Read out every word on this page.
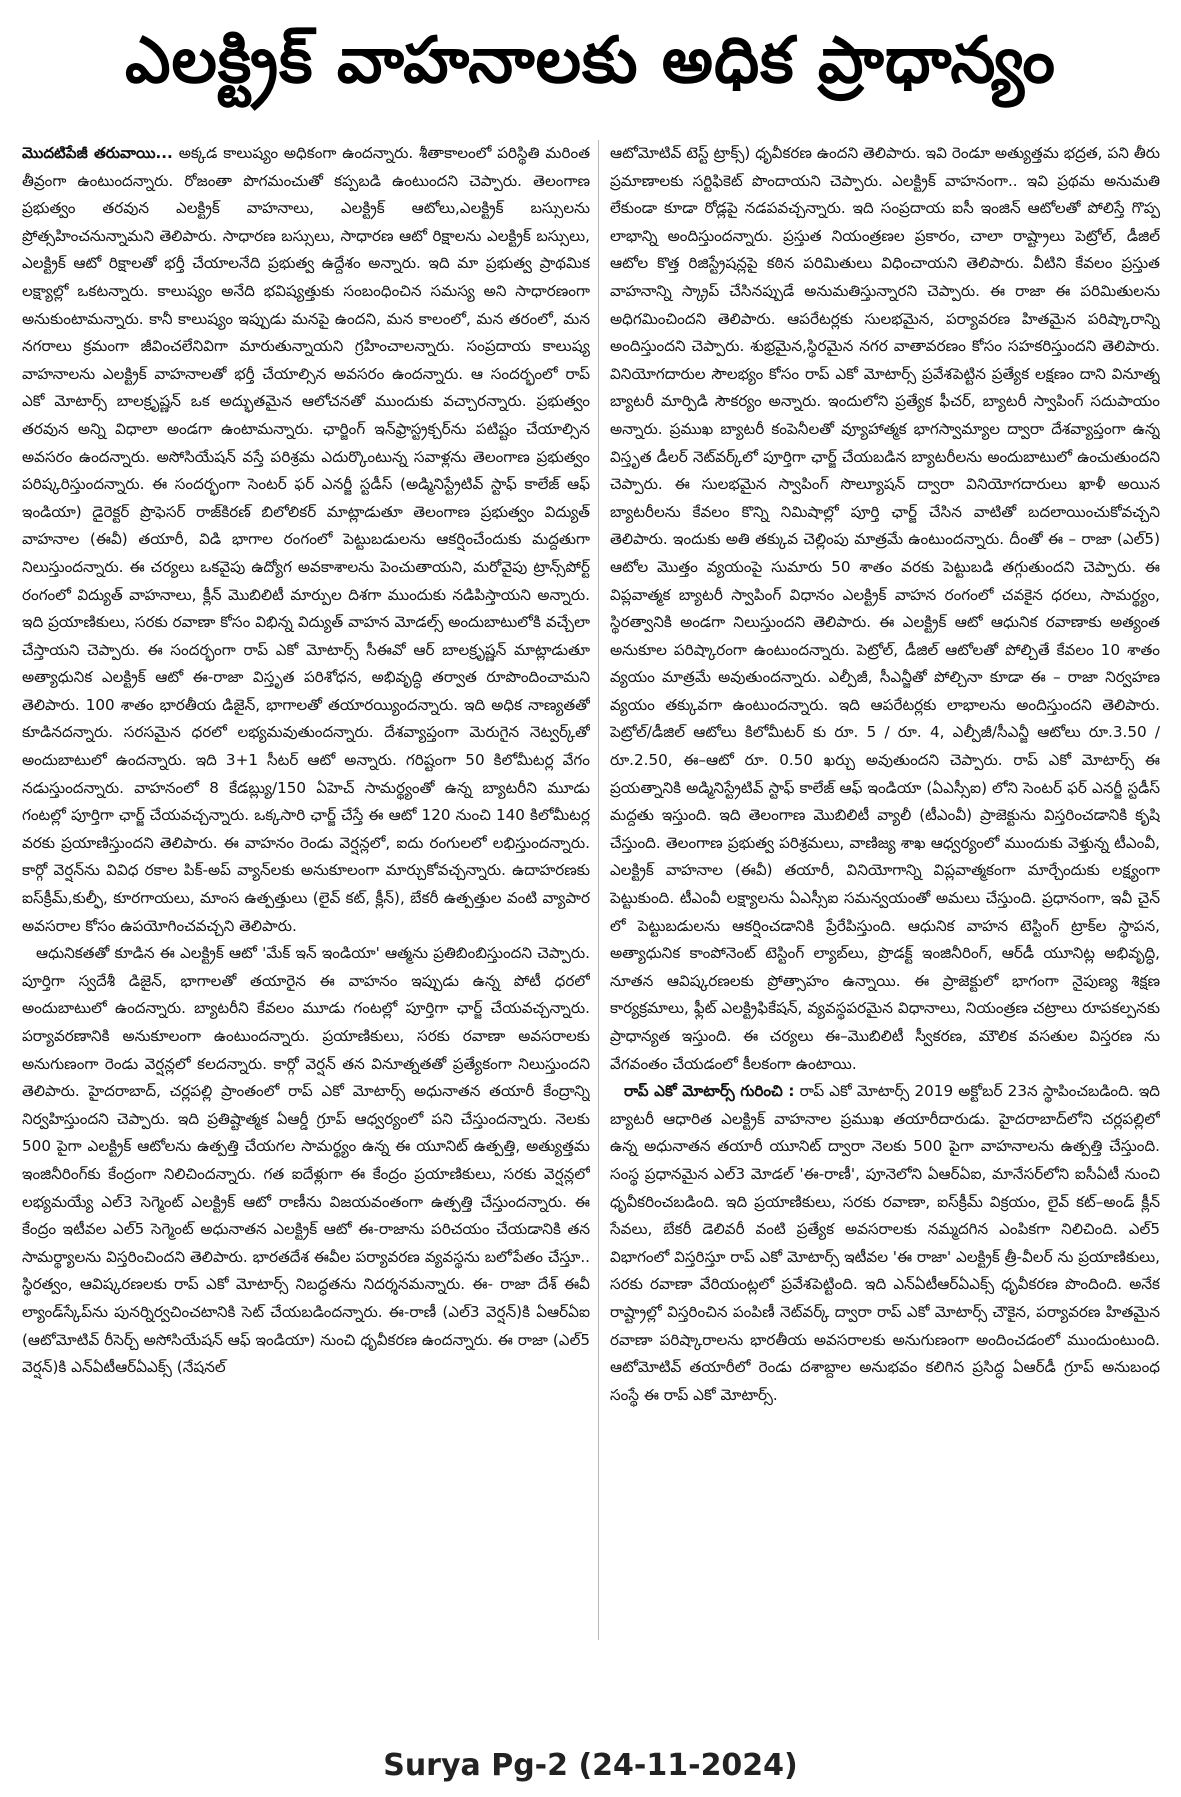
ఎలక్ట్రిక్ వాహనాలకు అధిక ప్రాధాన్యం

మొదటిపేజీ తరువాయి... అక్కడ కాలుష్యం అధికంగా ఉందన్నారు. శీతాకాలంలో పరిస్థితి మరింత తీవ్రంగా ఉంటుందన్నారు. రోజంతా పొగమంచుతో కప్పబడి ఉంటుందని చెప్పారు. తెలంగాణ ప్రభుత్వం తరవున ఎలక్ట్రిక్ వాహనాలు, ఎలక్ట్రిక్ ఆటోలు,ఎలక్ట్రిక్ బస్సులను ప్రోత్సహించనున్నామని తెలిపారు. సాధారణ బస్సులు, సాధారణ ఆటో రిక్షాలను ఎలక్ట్రిక్ బస్సులు, ఎలక్ట్రిక్ ఆటో రిక్షాలతో భర్తీ చేయాలనేది ప్రభుత్వ ఉద్దేశం అన్నారు. ఇది మా ప్రభుత్వ ప్రాథమిక లక్ష్యాల్లో ఒకటన్నారు. కాలుష్యం అనేది భవిష్యత్తుకు సంబంధించిన సమస్య అని సాధారణంగా అనుకుంటామన్నారు. కానీ కాలుష్యం ఇప్పుడు మనపై ఉందని, మన కాలంలో, మన తరంలో, మన నగరాలు క్రమంగా జీవించలేనివిగా మారుతున్నాయని గ్రహించాలన్నారు. సంప్రదాయ కాలుష్య వాహనాలను ఎలక్ట్రిక్ వాహనాలతో భర్తీ చేయాల్సిన అవసరం ఉందన్నారు. ఆ సందర్భంలో రాప్ ఎకో మోటార్స్ బాలక్రృష్ణన్ ఒక అద్భుతమైన ఆలోచనతో ముందుకు వచ్చారన్నారు. ప్రభుత్వం తరవున అన్ని విధాలా అండగా ఉంటామన్నారు. ఛార్జింగ్ ఇన్‌ఫ్రాస్ట్రక్చర్‌ను పటిష్టం చేయాల్సిన అవసరం ఉందన్నారు. అసోసియేషన్ వస్తే పరిశ్రమ ఎదుర్కొంటున్న సవాళ్లను తెలంగాణ ప్రభుత్వం పరిష్కరిస్తుందన్నారు. ఈ సందర్భంగా సెంటర్ ఫర్ ఎనర్జీ స్టడీస్ (అడ్మినిస్ట్రేటివ్ స్టాఫ్ కాలేజ్ ఆఫ్ ఇండియా) డైరెక్టర్ ప్రొఫెసర్ రాజ్‌కిరణ్ బిలోలికర్ మాట్లాడుతూ తెలంగాణ ప్రభుత్వం విద్యుత్ వాహనాల (ఈవీ) తయారీ, విడి భాగాల రంగంలో పెట్టుబడులను ఆకర్షించేందుకు మద్దతుగా నిలుస్తుందన్నారు. ఈ చర్యలు ఒకవైపు ఉద్యోగ అవకాశాలను పెంచుతాయని, మరోవైపు ట్రాన్స్‌పోర్ట్ రంగంలో విద్యుత్ వాహనాలు, క్లీన్ మొబిలిటీ మార్పుల దిశగా ముందుకు నడిపిస్తాయని అన్నారు. ఇది ప్రయాణికులు, సరకు రవాణా కోసం విభిన్న విద్యుత్ వాహన మోడల్స్ అందుబాటులోకి వచ్చేలా చేస్తాయని చెప్పారు. ఈ సందర్భంగా రాప్ ఎకో మోటార్స్ సీఈవో ఆర్ బాలక్రృష్ణన్ మాట్లాడుతూ అత్యాధునిక ఎలక్ట్రిక్ ఆటో ఈ-రాజా విస్తృత పరిశోధన, అభివృద్ధి తర్వాత రూపొందించామని తెలిపారు. 100 శాతం భారతీయ డిజైన్, భాగాలతో తయారయ్యిందన్నారు. ఇది అధిక నాణ్యతతో కూడినదన్నారు. సరసమైన ధరలో లభ్యమవుతుందన్నారు. దేశవ్యాప్తంగా మెరుగైన నెట్వర్క్‌తో అందుబాటులో ఉందన్నారు. ఇది 3+1 సీటర్ ఆటో అన్నారు. గరిష్టంగా 50 కిలోమీటర్ల వేగం నడుస్తుందన్నారు. వాహనంలో 8 కేడబ్ల్యు/150 ఏహెచ్ సామర్థ్యంతో ఉన్న బ్యాటరీని మూడు గంటల్లో పూర్తిగా ఛార్జ్ చేయవచ్చన్నారు. ఒక్కసారి ఛార్జ్ చేస్తే ఈ ఆటో 120 నుంచి 140 కిలోమీటర్ల వరకు ప్రయాణిస్తుందని తెలిపారు. ఈ వాహనం రెండు వెర్షన్లలో, ఐదు రంగులలో లభిస్తుందన్నారు. కార్గో వెర్షన్‌ను వివిధ రకాల పిక్-అప్ వ్యాన్‌లకు అనుకూలంగా మార్చుకోవచ్చన్నారు. ఉదాహరణకు ఐస్‌క్రీమ్,కుల్ఫీ, కూరగాయలు, మాంస ఉత్పత్తులు (లైవ్ కట్, క్లీన్), బేకరీ ఉత్పత్తుల వంటి వ్యాపార అవసరాల కోసం ఉపయోగించవచ్చని తెలిపారు.

ఆధునికతతో కూడిన ఈ ఎలక్ట్రిక్ ఆటో 'మేక్ ఇన్ ఇండియా' ఆత్మను ప్రతిబింబిస్తుందని చెప్పారు. పూర్తిగా స్వదేశీ డిజైన్, భాగాలతో తయారైన ఈ వాహనం ఇప్పుడు ఉన్న పోటీ ధరలో అందుబాటులో ఉందన్నారు. బ్యాటరీని కేవలం మూడు గంటల్లో పూర్తిగా ఛార్జ్ చేయవచ్చన్నారు. పర్యావరణానికి అనుకూలంగా ఉంటుందన్నారు. ప్రయాణికులు, సరకు రవాణా అవసరాలకు అనుగుణంగా రెండు వెర్షన్లలో కలదన్నారు. కార్గో వెర్షన్ తన వినూత్నతతో ప్రత్యేకంగా నిలుస్తుందని తెలిపారు. హైదరాబాద్, చర్లపల్లి ప్రాంతంలో రాప్ ఎకో మోటార్స్ అధునాతన తయారీ కేంద్రాన్ని నిర్వహిస్తుందని చెప్పారు. ఇది ప్రతిష్టాత్మక ఏఆర్డీ గ్రూప్ ఆధ్వర్యంలో పని చేస్తుందన్నారు. నెలకు 500 పైగా ఎలక్ట్రిక్ ఆటోలను ఉత్పత్తి చేయగల సామర్థ్యం ఉన్న ఈ యూనిట్ ఉత్పత్తి, అత్యుత్తమ ఇంజినీరింగ్‌కు కేంద్రంగా నిలిచిందన్నారు. గత ఐదేళ్లుగా ఈ కేంద్రం ప్రయాణికులు, సరకు వెర్షన్లలో లభ్యమయ్యే ఎల్3 సెగ్మెంట్ ఎలక్ట్రిక్ ఆటో రాణీను విజయవంతంగా ఉత్పత్తి చేస్తుందన్నారు. ఈ కేంద్రం ఇటీవల ఎల్5 సెగ్మెంట్ అధునాతన ఎలక్ట్రిక్ ఆటో ఈ-రాజాను పరిచయం చేయడానికి తన సామర్థ్యాలను విస్తరించిందని తెలిపారు. భారతదేశ ఈవీల పర్యావరణ వ్యవస్థను బలోపేతం చేస్తూ.. స్థిరత్వం, ఆవిష్కరణలకు రాప్ ఎకో మోటార్స్ నిబద్ధతను నిదర్శనమన్నారు. ఈ- రాజా దేశ్ ఈవీ ల్యాండ్‌స్కేప్‌ను పునర్నిర్వచించటానికి సెట్ చేయబడిందన్నారు. ఈ-రాణీ (ఎల్3 వెర్షన్)కి ఏఆర్ఏఐ (ఆటోమోటివ్ రీసెర్చ్ అసోసియేషన్ ఆఫ్ ఇండియా) నుంచి ధృవీకరణ ఉందన్నారు. ఈ రాజా (ఎల్5 వెర్షన్)కి ఎన్ఏటీఆర్ఏఎక్స్ (నేషనల్

ఆటోమోటివ్ టెస్ట్ ట్రాక్స్) ధృవీకరణ ఉందని తెలిపారు. ఇవి రెండూ అత్యుత్తమ భద్రత, పని తీరు ప్రమాణాలకు సర్టిఫికెట్ పొందాయని చెప్పారు. ఎలక్ట్రిక్ వాహనంగా.. ఇవి ప్రథమ అనుమతి లేకుండా కూడా రోడ్లపై నడపవచ్చన్నారు. ఇది సంప్రదాయ ఐసీ ఇంజిన్ ఆటోలతో పోలిస్తే గొప్ప లాభాన్ని అందిస్తుందన్నారు. ప్రస్తుత నియంత్రణల ప్రకారం, చాలా రాష్ట్రాలు పెట్రోల్, డీజిల్ ఆటోల కొత్త రిజిస్ట్రేషన్లపై కఠిన పరిమితులు విధించాయని తెలిపారు. వీటిని కేవలం ప్రస్తుత వాహనాన్ని స్క్రాప్ చేసినప్పుడే అనుమతిస్తున్నారని చెప్పారు. ఈ రాజా ఈ పరిమితులను అధిగమించిందని తెలిపారు. ఆపరేటర్లకు సులభమైన, పర్యావరణ హితమైన పరిష్కారాన్ని అందిస్తుందని చెప్పారు. శుభ్రమైన,స్థిరమైన నగర వాతావరణం కోసం సహకరిస్తుందని తెలిపారు. వినియోగదారుల సౌలభ్యం కోసం రాప్ ఎకో మోటార్స్ ప్రవేశపెట్టిన ప్రత్యేక లక్షణం దాని వినూత్న బ్యాటరీ మార్పిడి సౌకర్యం అన్నారు. ఇందులోని ప్రత్యేక ఫీచర్, బ్యాటరీ స్వాపింగ్ సదుపాయం అన్నారు. ప్రముఖ బ్యాటరీ కంపెనీలతో వ్యూహాత్మక భాగస్వామ్యాల ద్వారా దేశవ్యాప్తంగా ఉన్న విస్తృత డీలర్ నెట్‌వర్క్‌లో పూర్తిగా ఛార్జ్ చేయబడిన బ్యాటరీలను అందుబాటులో ఉంచుతుందని చెప్పారు. ఈ సులభమైన స్వాపింగ్ సొల్యూషన్ ద్వారా వినియోగదారులు ఖాళీ అయిన బ్యాటరీలను కేవలం కొన్ని నిమిషాల్లో పూర్తి ఛార్జ్ చేసిన వాటితో బదలాయించుకోవచ్చని తెలిపారు. ఇందుకు అతి తక్కువ చెల్లింపు మాత్రమే ఉంటుందన్నారు. దీంతో ఈ – రాజా (ఎల్5) ఆటోల మొత్తం వ్యయంపై సుమారు 50 శాతం వరకు పెట్టుబడి తగ్గుతుందని చెప్పారు. ఈ విప్లవాత్మక బ్యాటరీ స్వాపింగ్ విధానం ఎలక్ట్రిక్ వాహన రంగంలో చవకైన ధరలు, సామర్థ్యం, స్థిరత్వానికి అండగా నిలుస్తుందని తెలిపారు. ఈ ఎలక్ట్రిక్ ఆటో ఆధునిక రవాణాకు అత్యంత అనుకూల పరిష్కారంగా ఉంటుందన్నారు. పెట్రోల్, డీజిల్ ఆటోలతో పోల్చితే కేవలం 10 శాతం వ్యయం మాత్రమే అవుతుందన్నారు. ఎల్పీజీ, సీఎన్జీతో పోల్చినా కూడా ఈ – రాజా నిర్వహణ వ్యయం తక్కువగా ఉంటుందన్నారు. ఇది ఆపరేటర్లకు లాభాలను అందిస్తుందని తెలిపారు. పెట్రోల్/డీజిల్ ఆటోలు కిలోమీటర్ కు రూ. 5 / రూ. 4, ఎల్పీజీ/సీఎన్జీ ఆటోలు రూ.3.50 / రూ.2.50, ఈ–ఆటో రూ. 0.50 ఖర్చు అవుతుందని చెప్పారు. రాప్ ఎకో మోటార్స్ ఈ ప్రయత్నానికి అడ్మినిస్ట్రేటివ్ స్టాఫ్ కాలేజ్ ఆఫ్ ఇండియా (ఏఎస్సీఐ) లోని సెంటర్ ఫర్ ఎనర్జీ స్టడీస్ మద్దతు ఇస్తుంది. ఇది తెలంగాణ మొబిలిటీ వ్యాలీ (టీఎంవీ) ప్రాజెక్టును విస్తరించడానికి కృషి చేస్తుంది. తెలంగాణ ప్రభుత్వ పరిశ్రమలు, వాణిజ్య శాఖ ఆధ్వర్యంలో ముందుకు వెళ్తున్న టీఎంవీ, ఎలక్ట్రిక్ వాహనాల (ఈవీ) తయారీ, వినియోగాన్ని విప్లవాత్మకంగా మార్చేందుకు లక్ష్యంగా పెట్టుకుంది. టీఎంవీ లక్ష్యాలను ఏఎస్సీఐ సమన్వయంతో అమలు చేస్తుంది. ప్రధానంగా, ఇవీ చైన్ లో పెట్టుబడులను ఆకర్షించడానికి ప్రేరేపిస్తుంది. ఆధునిక వాహన టెస్టింగ్ ట్రాక్‌ల స్థాపన, అత్యాధునిక కాంపోనెంట్ టెస్టింగ్ ల్యాబ్‌లు, ప్రొడక్ట్ ఇంజినీరింగ్, ఆర్‌డీ యూనిట్ల అభివృద్ధి, నూతన ఆవిష్కరణలకు ప్రోత్సాహం ఉన్నాయి. ఈ ప్రాజెక్టులో భాగంగా నైపుణ్య శిక్షణ కార్యక్రమాలు, ఫ్లీట్ ఎలక్ట్రిఫికేషన్, వ్యవస్థపరమైన విధానాలు, నియంత్రణ చట్రాలు రూపకల్పనకు ప్రాధాన్యత ఇస్తుంది. ఈ చర్యలు ఈ–మొబిలిటీ స్వీకరణ, మౌలిక వసతుల విస్తరణ ను వేగవంతం చేయడంలో కీలకంగా ఉంటాయి.

రాప్ ఎకో మోటార్స్ గురించి : రాప్ ఎకో మోటార్స్ 2019 అక్టోబర్ 23న స్థాపించబడింది. ఇది బ్యాటరీ ఆధారిత ఎలక్ట్రిక్ వాహనాల ప్రముఖ తయారీదారుడు. హైదరాబాద్‌లోని చర్లపల్లిలో ఉన్న అధునాతన తయారీ యూనిట్ ద్వారా నెలకు 500 పైగా వాహనాలను ఉత్పత్తి చేస్తుంది. సంస్థ ప్రధానమైన ఎల్3 మోడల్ 'ఈ-రాణీ', పూనెలోని ఏఆర్ఏఐ, మానేసర్‌లోని ఐసీఏటీ నుంచి ధృవీకరించబడింది. ఇది ప్రయాణికులు, సరకు రవాణా, ఐస్‌క్రీమ్ విక్రయం, లైవ్ కట్–అండ్ క్లీన్ సేవలు, బేకరీ డెలివరీ వంటి ప్రత్యేక అవసరాలకు నమ్మదగిన ఎంపికగా నిలిచింది. ఎల్5 విభాగంలో విస్తరిస్తూ రాప్ ఎకో మోటార్స్ ఇటీవల 'ఈ రాజా' ఎలక్ట్రిక్ త్రీ-వీలర్‌ ను ప్రయాణికులు, సరకు రవాణా వేరియంట్లలో ప్రవేశపెట్టింది. ఇది ఎన్ఏటీఆర్ఏఎక్స్ ధృవీకరణ పొందింది. అనేక రాష్ట్రాల్లో విస్తరించిన పంపిణీ నెట్‌వర్క్ ద్వారా రాప్ ఎకో మోటార్స్ చౌకైన, పర్యావరణ హితమైన రవాణా పరిష్కారాలను భారతీయ అవసరాలకు అనుగుణంగా అందించడంలో ముందుంటుంది. ఆటోమోటివ్ తయారీలో రెండు దశాబ్దాల అనుభవం కలిగిన ప్రసిద్ధ ఏఆర్‌డీ గ్రూప్ అనుబంధ సంస్థే ఈ రాప్ ఎకో మోటార్స్.

Surya Pg-2 (24-11-2024)
